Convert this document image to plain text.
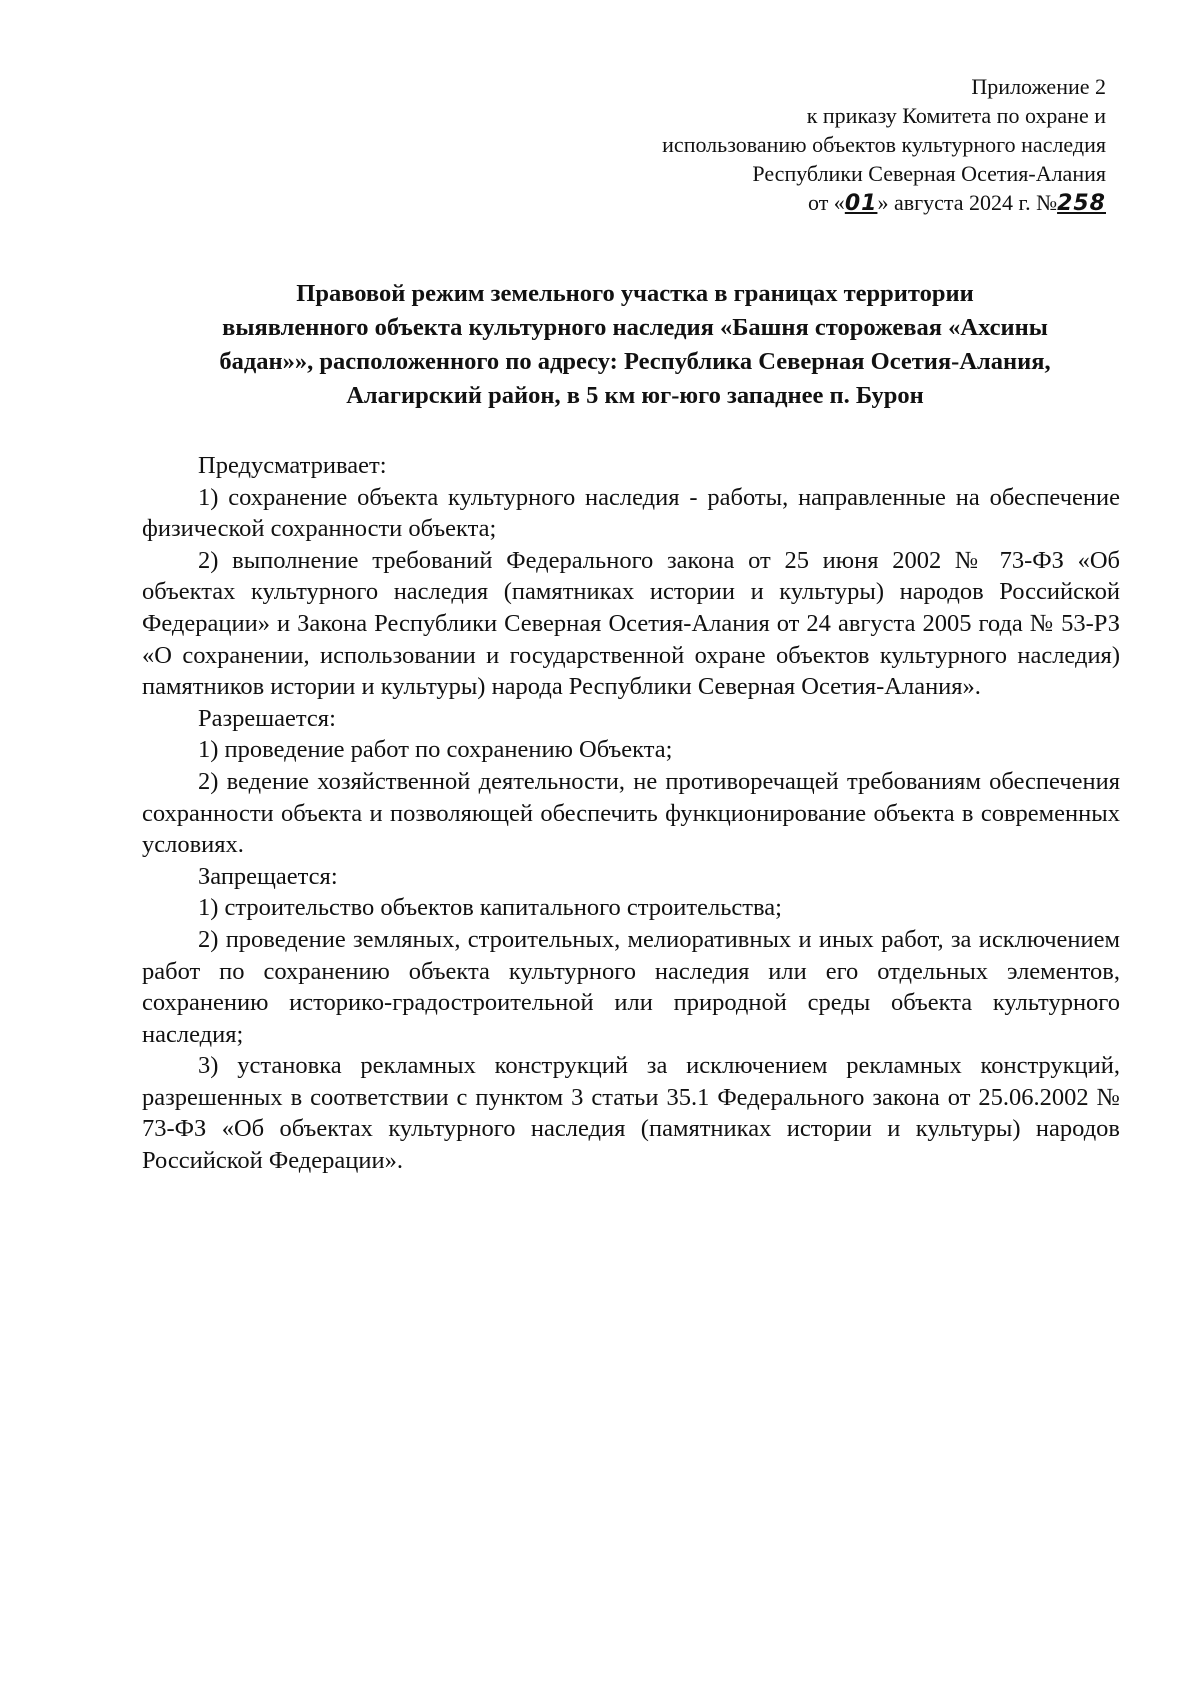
Приложение 2
к приказу Комитета по охране и
использованию объектов культурного наследия
Республики Северная Осетия-Алания
от «01» августа 2024 г. №258
Правовой режим земельного участка в границах территории
выявленного объекта культурного наследия «Башня сторожевая «Ахсины
бадан»», расположенного по адресу: Республика Северная Осетия-Алания,
Алагирский район, в 5 км юг-юго западнее п. Бурон

Предусматривает:

1) сохранение объекта культурного наследия - работы, направленные на обеспечение физической сохранности объекта;

2) выполнение требований Федерального закона от 25 июня 2002 № 73-ФЗ «Об объектах культурного наследия (памятниках истории и культуры) народов Российской Федерации» и Закона Республики Северная Осетия-Алания от 24 августа 2005 года № 53-РЗ «О сохранении, использовании и государственной охране объектов культурного наследия) памятников истории и культуры) народа Республики Северная Осетия-Алания».

Разрешается:

1) проведение работ по сохранению Объекта;

2) ведение хозяйственной деятельности, не противоречащей требованиям обеспечения сохранности объекта и позволяющей обеспечить функционирование объекта в современных условиях.

Запрещается:

1) строительство объектов капитального строительства;

2) проведение земляных, строительных, мелиоративных и иных работ, за исключением работ по сохранению объекта культурного наследия или его отдельных элементов, сохранению историко-градостроительной или природной среды объекта культурного наследия;

3) установка рекламных конструкций за исключением рекламных конструкций, разрешенных в соответствии с пунктом 3 статьи 35.1 Федерального закона от 25.06.2002 № 73-ФЗ «Об объектах культурного наследия (памятниках истории и культуры) народов Российской Федерации».
